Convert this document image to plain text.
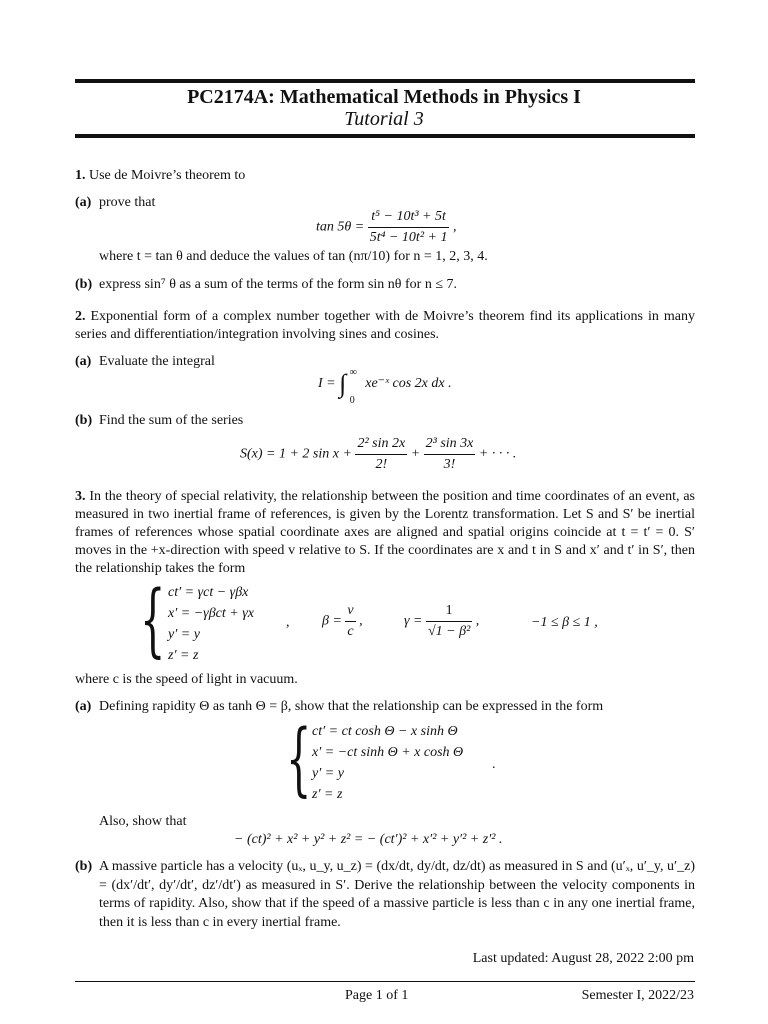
PC2174A: Mathematical Methods in Physics I
Tutorial 3
1. Use de Moivre’s theorem to
(a) prove that
$\tan 5\theta = \frac{\text{t⁵ − 10t³ + 5t}}{\text{5t⁴ − 10t² + 1}}$ ,
where t = tan θ and deduce the values of tan (nπ/10) for n = 1, 2, 3, 4.
(b) express sin⁷ θ as a sum of the terms of the form sin nθ for n ≤ 7.
2. Exponential form of a complex number together with de Moivre’s theorem find its applications in many series and differentiation/integration involving sines and cosines.
(a) Evaluate the integral
I = ∫ ∞
0
xe⁻ˣ cos 2x dx .
(b) Find the sum of the series
S(x) = 1 + 2 $\sin x + \frac{\text{2² sin 2x}}{2!} + \frac{\text{2³ sin 3x}}{3!}$ + · · · .
3. In the theory of special relativity, the relationship between the position and time coordinates of an event, as measured in two inertial frame of references, is given by the Lorentz transformation. Let S and S′ be inertial frames of references whose spatial coordinate axes are aligned and spatial origins coincide at t = t′ = 0. S′ moves in the +x-direction with speed v relative to S. If the coordinates are x and t in S and x′ and t′ in S′, then the relationship takes the form
{ ct′ = γct − γβx
x′ = −γβct + γx
y′ = y
z′ = z
, $\beta = \frac{v}{c}$ ,	$\gamma = \frac{1}{\text{√1 − β²}}$ ,	−1 ≤ β ≤ 1 ,
where c is the speed of light in vacuum.
(a) Defining rapidity Θ as tanh Θ = β, show that the relationship can be expressed in the form
{ ct′ = ct cosh Θ − x sinh Θ
x′ = −ct sinh Θ + x cosh Θ
y′ = y
z′ = z
.
Also, show that
− (ct)² + x² + y² + z² = − (ct′)² + x′² + y′² + z′² .
(b) A massive particle has a velocity (uₓ, u_y, u_z) = (dx/dt, dy/dt, dz/dt) as measured in S and (u′ₓ, u′_y, u′_z) = (dx′/dt′, dy′/dt′, dz′/dt′) as measured in S′. Derive the relationship between the velocity components in terms of rapidity. Also, show that if the speed of a massive particle is less than c in any one inertial frame, then it is less than c in every inertial frame.
Last updated: August 28, 2022 2:00 pm
Page 1 of 1	Semester I, 2022/23
